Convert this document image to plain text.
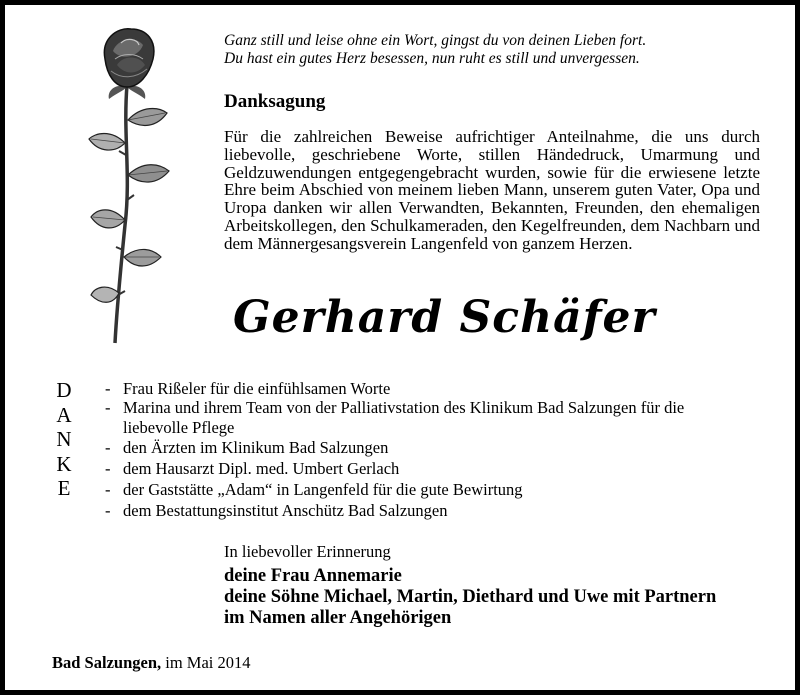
Ganz still und leise ohne ein Wort, gingst du von deinen Lieben fort.
Du hast ein gutes Herz besessen, nun ruht es still und unvergessen.
Danksagung

Für die zahlreichen Beweise aufrichtiger Anteilnahme, die uns durch liebevolle, geschriebene Worte, stillen Händedruck, Umarmung und Geldzuwendungen entgegengebracht wurden, sowie für die erwiesene letzte Ehre beim Abschied von meinem lieben Mann, unserem guten Vater, Opa und Uropa danken wir allen Verwandten, Bekannten, Freunden, den ehemaligen Arbeitskollegen, den Schulkameraden, den Kegelfreunden, dem Nachbarn und dem Männergesangsverein Langenfeld von ganzem Herzen.

Gerhard Schäfer
D
A
N
K
E
- Frau Rißeler für die einfühlsamen Worte
- Marina und ihrem Team von der Palliativstation des Klinikum Bad Salzungen für die liebevolle Pflege
- den Ärzten im Klinikum Bad Salzungen
- dem Hausarzt Dipl. med. Umbert Gerlach
- der Gaststätte „Adam“ in Langenfeld für die gute Bewirtung
- dem Bestattungsinstitut Anschütz Bad Salzungen

In liebevoller Erinnerung

deine Frau Annemarie
deine Söhne Michael, Martin, Diethard und Uwe mit Partnern
im Namen aller Angehörigen

Bad Salzungen, im Mai 2014
